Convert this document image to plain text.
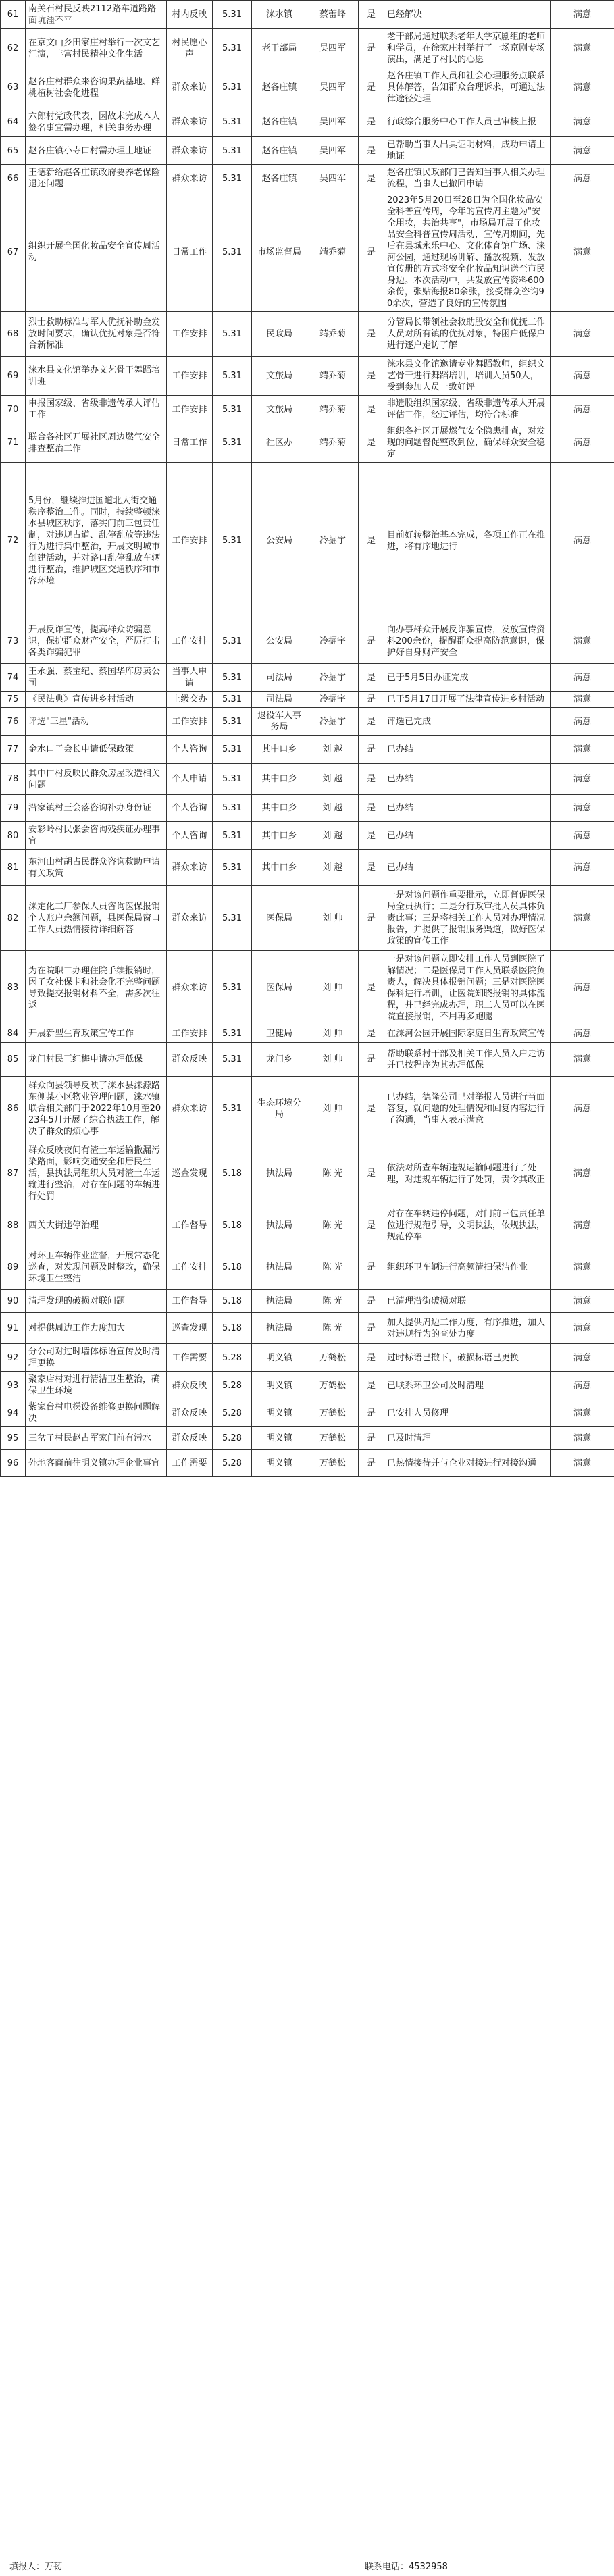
61	南关石村民反映2112路车道路路面坑洼不平	村内反映	5.31	涞水镇	蔡蕾峰	是	已经解决	满意
62	在京文山乡田家庄村举行一次文艺汇演，丰富村民精神文化生活	村民愿心声	5.31	老干部局	吴四军	是	老干部局通过联系老年大学京剧组的老师和学员，在徐家庄村举行了一场京剧专场演出，满足了村民的心愿	满意
63	赵各庄村群众来咨询果蔬基地、鲜桃植树社会化进程	群众来访	5.31	赵各庄镇	吴四军	是	赵各庄镇工作人员和社会心理服务点联系具体解答，告知群众合理诉求，可通过法律途径处理	满意
64	六郎村党政代表，因故未完成本人签名事宜需办理，相关事务办理	群众来访	5.31	赵各庄镇	吴四军	是	行政综合服务中心工作人员已审核上报	满意
65	赵各庄镇小寺口村需办理土地证	群众来访	5.31	赵各庄镇	吴四军	是	已帮助当事人出具证明材料，成功申请土地证	满意
66	王德新给赵各庄镇政府要养老保险退还问题	群众来访	5.31	赵各庄镇	吴四军	是	赵各庄镇民政部门已告知当事人相关办理流程，当事人已撤回申请	满意
67	组织开展全国化妆品安全宣传周活动	日常工作	5.31	市场监督局	靖乔菊	是	2023年5月20日至28日为全国化妆品安全科普宣传周，今年的宣传周主题为"安全用妆，共治共享"，市场局开展了化妆品安全科普宣传周活动，宣传周期间，先后在县城永乐中心、文化体育馆广场、涞河公园，通过现场讲解、播放视频、发放宣传册的方式将安全化妆品知识送至市民身边。本次活动中，共发放宣传资料600余份，张贴海报80余张，接受群众咨询90余次，营造了良好的宣传氛围	满意
68	烈士救助标准与军人优抚补助金发放时间要求，确认优抚对象是否符合新标准	工作安排	5.31	民政局	靖乔菊	是	分管局长带领社会救助股安全和优抚工作人员对所有镇的优抚对象，特困户低保户进行逐户走访了解	满意
69	涞水县文化馆举办文艺骨干舞蹈培训班	工作安排	5.31	文旅局	靖乔菊	是	涞水县文化馆邀请专业舞蹈教师，组织文艺骨干进行舞蹈培训，培训人员50人，受到参加人员一致好评	满意
70	申报国家级、省级非遗传承人评估工作	工作安排	5.31	文旅局	靖乔菊	是	非遗股组织国家级、省级非遗传承人开展评估工作，经过评估，均符合标准	满意
71	联合各社区开展社区周边燃气安全排查整治工作	日常工作	5.31	社区办	靖乔菊	是	组织各社区开展燃气安全隐患排查，对发现的问题督促整改到位，确保群众安全稳定	满意
72	5月份，继续推进国道北大街交通秩序整治工作。同时，持续整顿涞水县城区秩序，落实门前三包责任制，对违规占道、乱停乱放等违法行为进行集中整治，开展文明城市创建活动，并对路口乱停乱放车辆进行整治，维护城区交通秩序和市容环境	工作安排	5.31	公安局	冷掘宇	是	目前好转整治基本完成，各项工作正在推进，将有序地进行	满意
73	开展反诈宣传，提高群众防骗意识，保护群众财产安全，严厉打击各类诈骗犯罪	工作安排	5.31	公安局	冷掘宇	是	向办事群众开展反诈骗宣传，发放宣传资料200余份，提醒群众提高防范意识，保护好自身财产安全	满意
74	王永强、蔡宝纪、蔡国华库房卖公司	当事人申请	5.31	司法局	冷掘宇	是	已于5月5日办证完成	满意
75	《民法典》宣传进乡村活动	上级交办	5.31	司法局	冷掘宇	是	已于5月17日开展了法律宣传进乡村活动	满意
76	评选"三星"活动	工作安排	5.31	退役军人事务局	冷掘宇	是	评选已完成	满意
77	金水口子会长申请低保政策	个人咨询	5.31	其中口乡	刘 越	是	已办结	满意
78	其中口村反映民群众房屋改造相关问题	个人申请	5.31	其中口乡	刘 越	是	已办结	满意
79	沿家镇村王会落咨询补办身份证	个人咨询	5.31	其中口乡	刘 越	是	已办结	满意
80	安彩岭村民张会咨询残疾证办理事宜	个人咨询	5.31	其中口乡	刘 越	是	已办结	满意
81	东河山村胡占民群众咨询救助申请有关政策	群众来访	5.31	其中口乡	刘 越	是	已办结	满意
82	涞定化工厂参保人员咨询医保报销个人账户余额问题，县医保局窗口工作人员热情接待详细解答	群众来访	5.31	医保局	刘 帅	是	一是对该问题作重要批示，立即督促医保局全员执行；二是分行政审批人员具体负责此事；三是将相关工作人员对办理情况报告，并提供了报销服务渠道，做好医保政策的宣传工作	满意
83	为在院职工办理住院手续报销时，因子女社保卡和社会化不完整问题导致提交报销材料不全，需多次往返	群众来访	5.31	医保局	刘 帅	是	一是对该问题立即安排工作人员到医院了解情况；二是医保局工作人员联系医院负责人，解决具体报销问题；三是对医院医保科进行培训，让医院知晓报销的具体流程，并已经完成办理，职工人员可以在医院直接报销，不用再多跑腿	满意
84	开展新型生育政策宣传工作	工作安排	5.31	卫健局	刘 帅	是	在涞河公园开展国际家庭日生育政策宣传	满意
85	龙门村民王红梅申请办理低保	群众反映	5.31	龙门乡	刘 帅	是	帮助联系村干部及相关工作人员入户走访并已按程序为其办理低保	满意
86	群众向县领导反映了涞水县涞源路东侧某小区物业管理问题，涞水镇联合相关部门于2022年10月至2023年5月开展了综合执法工作，解决了群众的烦心事	群众来访	5.31	生态环境分局	刘 帅	是	已办结，德隆公司已对举报人员进行当面答复，就问题的处理情况和回复内容进行了沟通，当事人表示满意	满意
87	群众反映夜间有渣土车运输撒漏污染路面，影响交通安全和居民生活，县执法局组织人员对渣土车运输进行整治，对存在问题的车辆进行处罚	巡查发现	5.18	执法局	陈 光	是	依法对所查车辆违规运输问题进行了处理，对违规车辆进行了处罚，责令其改正	满意
88	西关大街违停治理	工作督导	5.18	执法局	陈 光	是	对存在车辆违停问题，对门前三包责任单位进行规范引导，文明执法，依规执法，规范停车	满意
89	对环卫车辆作业监督，开展常态化巡查，对发现问题及时整改，确保环境卫生整洁	工作安排	5.18	执法局	陈 光	是	组织环卫车辆进行高频清扫保洁作业	满意
90	清理发现的破损对联问题	工作督导	5.18	执法局	陈 光	是	已清理沿街破损对联	满意
91	对提供周边工作力度加大	巡查发现	5.18	执法局	陈 光	是	加大提供周边工作力度，有序推进，加大对违规行为的查处力度	满意
92	分公司对过时墙体标语宣传及时清理更换	工作需要	5.28	明义镇	万鹤松	是	过时标语已撤下，破损标语已更换	满意
93	聚家店村对进行清洁卫生整治，确保卫生环境	群众反映	5.28	明义镇	万鹤松	是	已联系环卫公司及时清理	满意
94	紫家台村电梯设备维修更换问题解决	群众反映	5.28	明义镇	万鹤松	是	已安排人员修理	满意
95	三岔子村民赵占军家门前有污水	群众反映	5.28	明义镇	万鹤松	是	已及时清理	满意
96	外地客商前往明义镇办理企业事宜	工作需要	5.28	明义镇	万鹤松	是	已热情接待并与企业对接进行对接沟通	满意
填报人：万韧	联系电话：4532958
